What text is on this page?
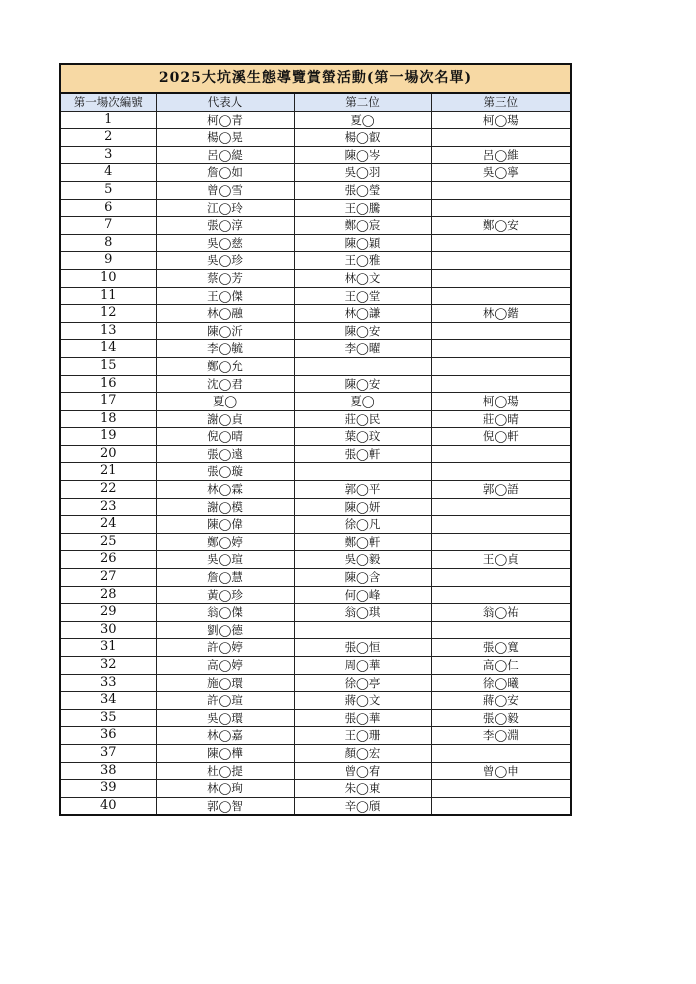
2025大坑溪生態導覽賞螢活動(第一場次名單)			
第一場次編號	代表人	第二位	第三位
1	柯◯青	夏◯	柯◯瑒
2	楊◯晃	楊◯叡	
3	呂◯緹	陳◯岑	呂◯維
4	詹◯如	吳◯羽	吳◯寧
5	曾◯雪	張◯瑩	
6	江◯玲	王◯騰	
7	張◯淳	鄭◯宸	鄭◯安
8	吳◯慈	陳◯穎	
9	吳◯珍	王◯雅	
10	蔡◯芳	林◯文	
11	王◯傑	王◯堂	
12	林◯融	林◯謙	林◯鍇
13	陳◯沂	陳◯安	
14	李◯毓	李◯曜	
15	鄭◯允		
16	沈◯君	陳◯安	
17	夏◯	夏◯	柯◯瑒
18	謝◯貞	莊◯民	莊◯晴
19	倪◯晴	葉◯玟	倪◯軒
20	張◯遠	張◯軒	
21	張◯璇		
22	林◯霖	郭◯平	郭◯語
23	謝◯模	陳◯妍	
24	陳◯偉	徐◯凡	
25	鄭◯婷	鄭◯軒	
26	吳◯瑄	吳◯毅	王◯貞
27	詹◯慧	陳◯含	
28	黃◯珍	何◯峰	
29	翁◯傑	翁◯琪	翁◯祐
30	劉◯德		
31	許◯婷	張◯恒	張◯寬
32	高◯婷	周◯華	高◯仁
33	施◯環	徐◯亭	徐◯曦
34	許◯瑄	蔣◯文	蔣◯安
35	吳◯環	張◯華	張◯毅
36	林◯嘉	王◯珊	李◯淵
37	陳◯樺	顏◯宏	
38	杜◯提	曾◯宥	曾◯申
39	林◯珣	朱◯東	
40	郭◯智	辛◯頎	
